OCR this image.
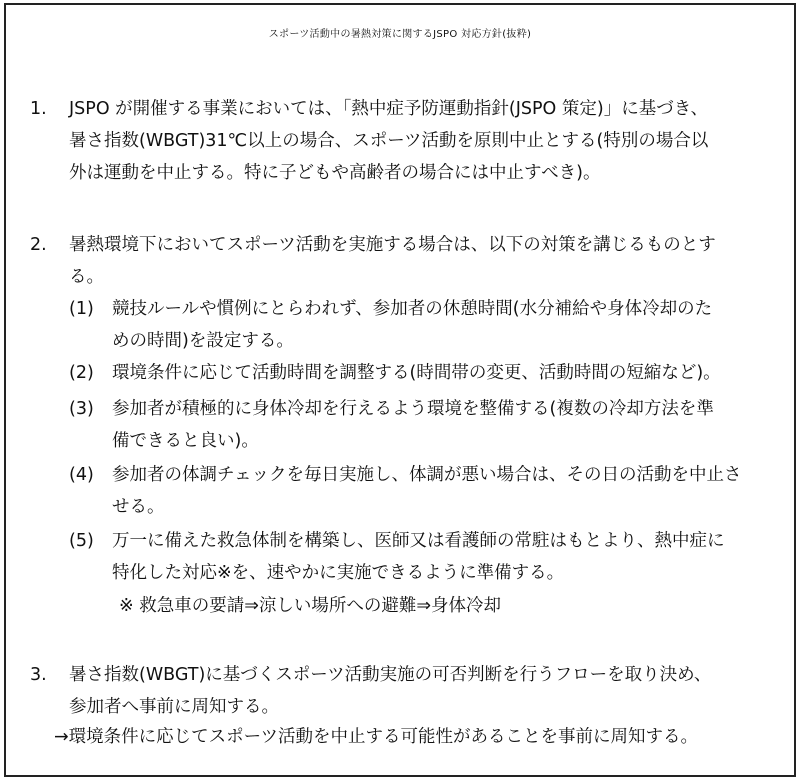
スポーツ活動中の暑熱対策に関するJSPO 対応方針(抜粋)
1. JSPO が開催する事業においては、「熱中症予防運動指針(JSPO 策定)」に基づき、
暑さ指数(WBGT)31℃以上の場合、スポーツ活動を原則中止とする(特別の場合以
外は運動を中止する。特に子どもや高齢者の場合には中止すべき)。
2. 暑熱環境下においてスポーツ活動を実施する場合は、以下の対策を講じるものとす
る。
(1) 競技ルールや慣例にとらわれず、参加者の休憩時間(水分補給や身体冷却のた
めの時間)を設定する。
(2) 環境条件に応じて活動時間を調整する(時間帯の変更、活動時間の短縮など)。
(3) 参加者が積極的に身体冷却を行えるよう環境を整備する(複数の冷却方法を準
備できると良い)。
(4) 参加者の体調チェックを毎日実施し、体調が悪い場合は、その日の活動を中止さ
せる。
(5) 万一に備えた救急体制を構築し、医師又は看護師の常駐はもとより、熱中症に
特化した対応※を、速やかに実施できるように準備する。
※ 救急車の要請⇒涼しい場所への避難⇒身体冷却
3. 暑さ指数(WBGT)に基づくスポーツ活動実施の可否判断を行うフローを取り決め、
参加者へ事前に周知する。
→環境条件に応じてスポーツ活動を中止する可能性があることを事前に周知する。
